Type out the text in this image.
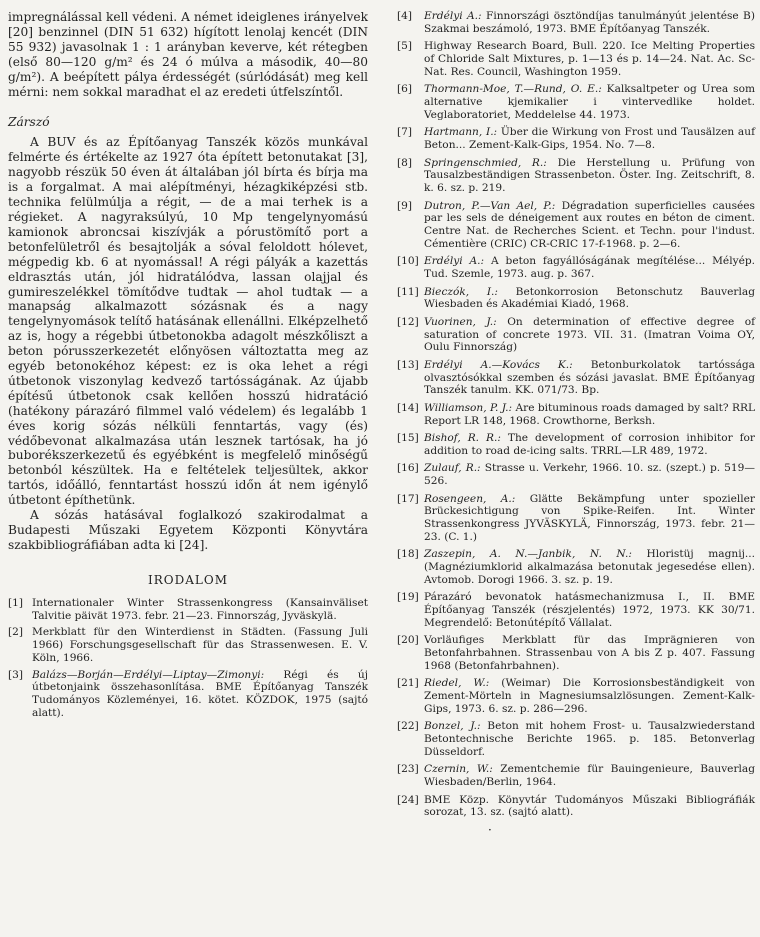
impregnálással kell védeni. A német ideiglenes irányelvek [20] benzinnel (DIN 51 632) hígított lenolaj kencét (DIN 55 932) javasolnak 1 : 1 arányban keverve, két rétegben (első 80—120 g/m² és 24 ó múlva a második, 40—80 g/m²). A beépített pálya érdességét (súrlódását) meg kell mérni: nem sokkal maradhat el az eredeti útfelszíntől.

Zárszó

A BUV és az Építőanyag Tanszék közös munkával felmérte és értékelte az 1927 óta épített betonutakat [3], nagyobb részük 50 éven át általában jól bírta és bírja ma is a forgalmat. A mai alépítményi, hézagkiképzési stb. technika felülmúlja a régit, — de a mai terhek is a régieket. A nagyraksúlyú, 10 Mp tengelynyomású kamionok abroncsai kiszívják a pórustömítő port a betonfelületről és besajtolják a sóval feloldott hólevet, mégpedig kb. 6 at nyomással! A régi pályák a kazettás eldrasztás után, jól hidratálódva, lassan olajjal és gumireszelékkel tömítődve tudtak — ahol tudtak — a manapság alkalmazott sózásnak és a nagy tengelynyomások telítő hatásának ellenállni. Elképzelhető az is, hogy a régebbi útbetonokba adagolt mészkőliszt a beton pórusszerkezetét előnyösen változtatta meg az egyéb betonokéhoz képest: ez is oka lehet a régi útbetonok viszonylag kedvező tartósságának. Az újabb építésű útbetonok csak kellően hosszú hidratáció (hatékony párazáró filmmel való védelem) és legalább 1 éves korig sózás nélküli fenntartás, vagy (és) védőbevonat alkalmazása után lesznek tartósak, ha jó buborékszerkezetű és egyébként is megfelelő minőségű betonból készültek. Ha e feltételek teljesültek, akkor tartós, időálló, fenntartást hosszú időn át nem igénylő útbetont építhetünk.

A sózás hatásával foglalkozó szakirodalmat a Budapesti Műszaki Egyetem Központi Könyvtára szakbibliográfiában adta ki [24].

IRODALOM
[1] Internationaler Winter Strassenkongress (Kansainväliset Talvitie päivät 1973. febr. 21—23. Finnország, Jyväskylä.
[2] Merkblatt für den Winterdienst in Städten. (Fassung Juli 1966) Forschungsgesellschaft für das Strassenwesen. E. V. Köln, 1966.
[3] Balázs—Borján—Erdélyi—Liptay—Zimonyi: Régi és új útbetonjaink összehasonlítása. BME Építőanyag Tanszék Tudományos Közleményei, 16. kötet. KÖZDOK, 1975 (sajtó alatt).
[4]	Erdélyi A.: Finnországi ösztöndíjas tanulmányút jelentése B) Szakmai beszámoló, 1973. BME Építőanyag Tanszék.
[5]	Highway Research Board, Bull. 220. Ice Melting Properties of Chloride Salt Mixtures, p. 1—13 és p. 14—24. Nat. Ac. Sc-Nat. Res. Council, Washington 1959.
[6]	Thormann-Moe, T.—Rund, O. E.: Kalksaltpeter og Urea som alternative kjemikalier i vintervedlike holdet. Veglaboratoriet, Meddelelse 44. 1973.
[7]	Hartmann, I.: Über die Wirkung von Frost und Tausälzen auf Beton... Zement-Kalk-Gips, 1954. No. 7—8.
[8]	Springenschmied, R.: Die Herstellung u. Prüfung von Tausalzbeständigen Strassenbeton. Öster. Ing. Zeitschrift, 8. k. 6. sz. p. 219.
[9]	Dutron, P.—Van Ael, P.: Dégradation superficielles causées par les sels de déneigement aux routes en béton de ciment. Centre Nat. de Recherches Scient. et Techn. pour l'indust. Cémentière (CRIC) CR-CRIC 17-f-1968. p. 2—6.
[10] Erdélyi A.: A beton fagyállóságának megítélése... Mélyép. Tud. Szemle, 1973. aug. p. 367.
[11] Bieczók, I.: Betonkorrosion Betonschutz Bauverlag Wiesbaden és Akadémiai Kiadó, 1968.
[12] Vuorinen, J.: On determination of effective degree of saturation of concrete 1973. VII. 31. (Imatran Voima OY, Oulu Finnország)
[13] Erdélyi A.—Kovács K.: Betonburkolatok tartóssága olvasztósókkal szemben és sózási javaslat. BME Építőanyag Tanszék tanulm. KK. 071/73. Bp.
[14] Williamson, P. J.: Are bituminous roads damaged by salt? RRL Report LR 148, 1968. Crowthorne, Berksh.
[15] Bishof, R. R.: The development of corrosion inhibitor for addition to road de-icing salts. TRRL—LR 489, 1972.
[16] Zulauf, R.: Strasse u. Verkehr, 1966. 10. sz. (szept.) p. 519—526.
[17] Rosengeen, A.: Glätte Bekämpfung unter spozieller Brückesichtigung von Spike-Reifen. Int. Winter Strassenkongress JYVÄSKYLÄ, Finnország, 1973. febr. 21—23. (C. 1.)
[18] Zaszepin, A. N.—Janbik, N. N.: Hloristüj magnij... (Magnéziumklorid alkalmazása betonutak jegesedése ellen). Avtomob. Dorogi 1966. 3. sz. p. 19.
[19] Párazáró bevonatok hatásmechanizmusa I., II. BME Építőanyag Tanszék (részjelentés) 1972, 1973. KK 30/71. Megrendelő: Betonútépítő Vállalat.
[20] Vorläufiges Merkblatt für das Imprägnieren von Betonfahrbahnen. Strassenbau von A bis Z p. 407. Fassung 1968 (Betonfahrbahnen).
[21] Riedel, W.: (Weimar) Die Korrosionsbeständigkeit von Zement-Mörteln in Magnesiumsalzlösungen. Zement-Kalk-Gips, 1973. 6. sz. p. 286—296.
[22] Bonzel, J.: Beton mit hohem Frost- u. Tausalzwiederstand Betontechnische Berichte 1965. p. 185. Betonverlag Düsseldorf.
[23] Czernin, W.: Zementchemie für Bauingenieure, Bauverlag Wiesbaden/Berlin, 1964.
[24] BME Közp. Könyvtár Tudományos Műszaki Bibliográfiák sorozat, 13. sz. (sajtó alatt).
·
